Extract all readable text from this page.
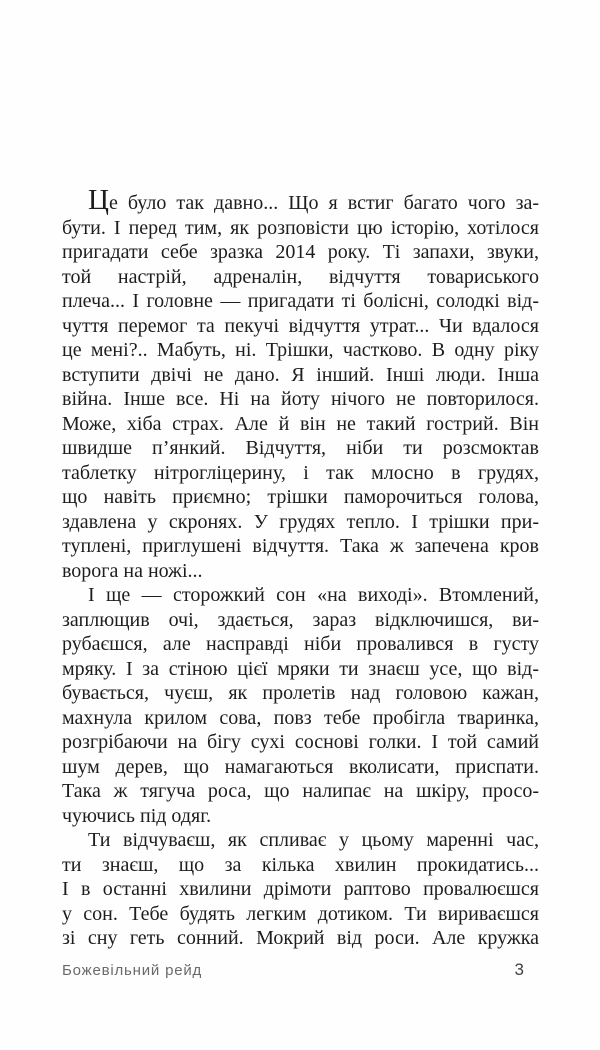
Це було так давно... Що я встиг багато чого за-
бути. І перед тим, як розповісти цю історію, хотілося
пригадати себе зразка 2014 року. Ті запахи, звуки,
той настрій, адреналін, відчуття товариського
плеча... І головне — пригадати ті болісні, солодкі від-
чуття перемог та пекучі відчуття утрат... Чи вдалося
це мені?.. Мабуть, ні. Трішки, частково. В одну ріку
вступити двічі не дано. Я інший. Інші люди. Інша
війна. Інше все. Ні на йоту нічого не повторилося.
Може, хіба страх. Але й він не такий гострий. Він
швидше п’янкий. Відчуття, ніби ти розсмоктав
таблетку нітрогліцерину, і так млосно в грудях,
що навіть приємно; трішки паморочиться голова,
здавлена у скронях. У грудях тепло. І трішки при-
туплені, приглушені відчуття. Така ж запечена кров
ворога на ножі...
І ще — сторожкий сон «на виході». Втомлений,
заплющив очі, здається, зараз відключишся, ви-
рубаєшся, але насправді ніби провалився в густу
мряку. І за стіною цієї мряки ти знаєш усе, що від-
бувається, чуєш, як пролетів над головою кажан,
махнула крилом сова, повз тебе пробігла тваринка,
розгрібаючи на бігу сухі соснові голки. І той самий
шум дерев, що намагаються вколисати, приспати.
Така ж тягуча роса, що налипає на шкіру, просо-
чуючись під одяг.
Ти відчуваєш, як спливає у цьому маренні час,
ти знаєш, що за кілька хвилин прокидатись...
І в останні хвилини дрімоти раптово провалюєшся
у сон. Тебе будять легким дотиком. Ти вириваєшся
зі сну геть сонний. Мокрий від роси. Але кружка
Божевільний рейд	3
